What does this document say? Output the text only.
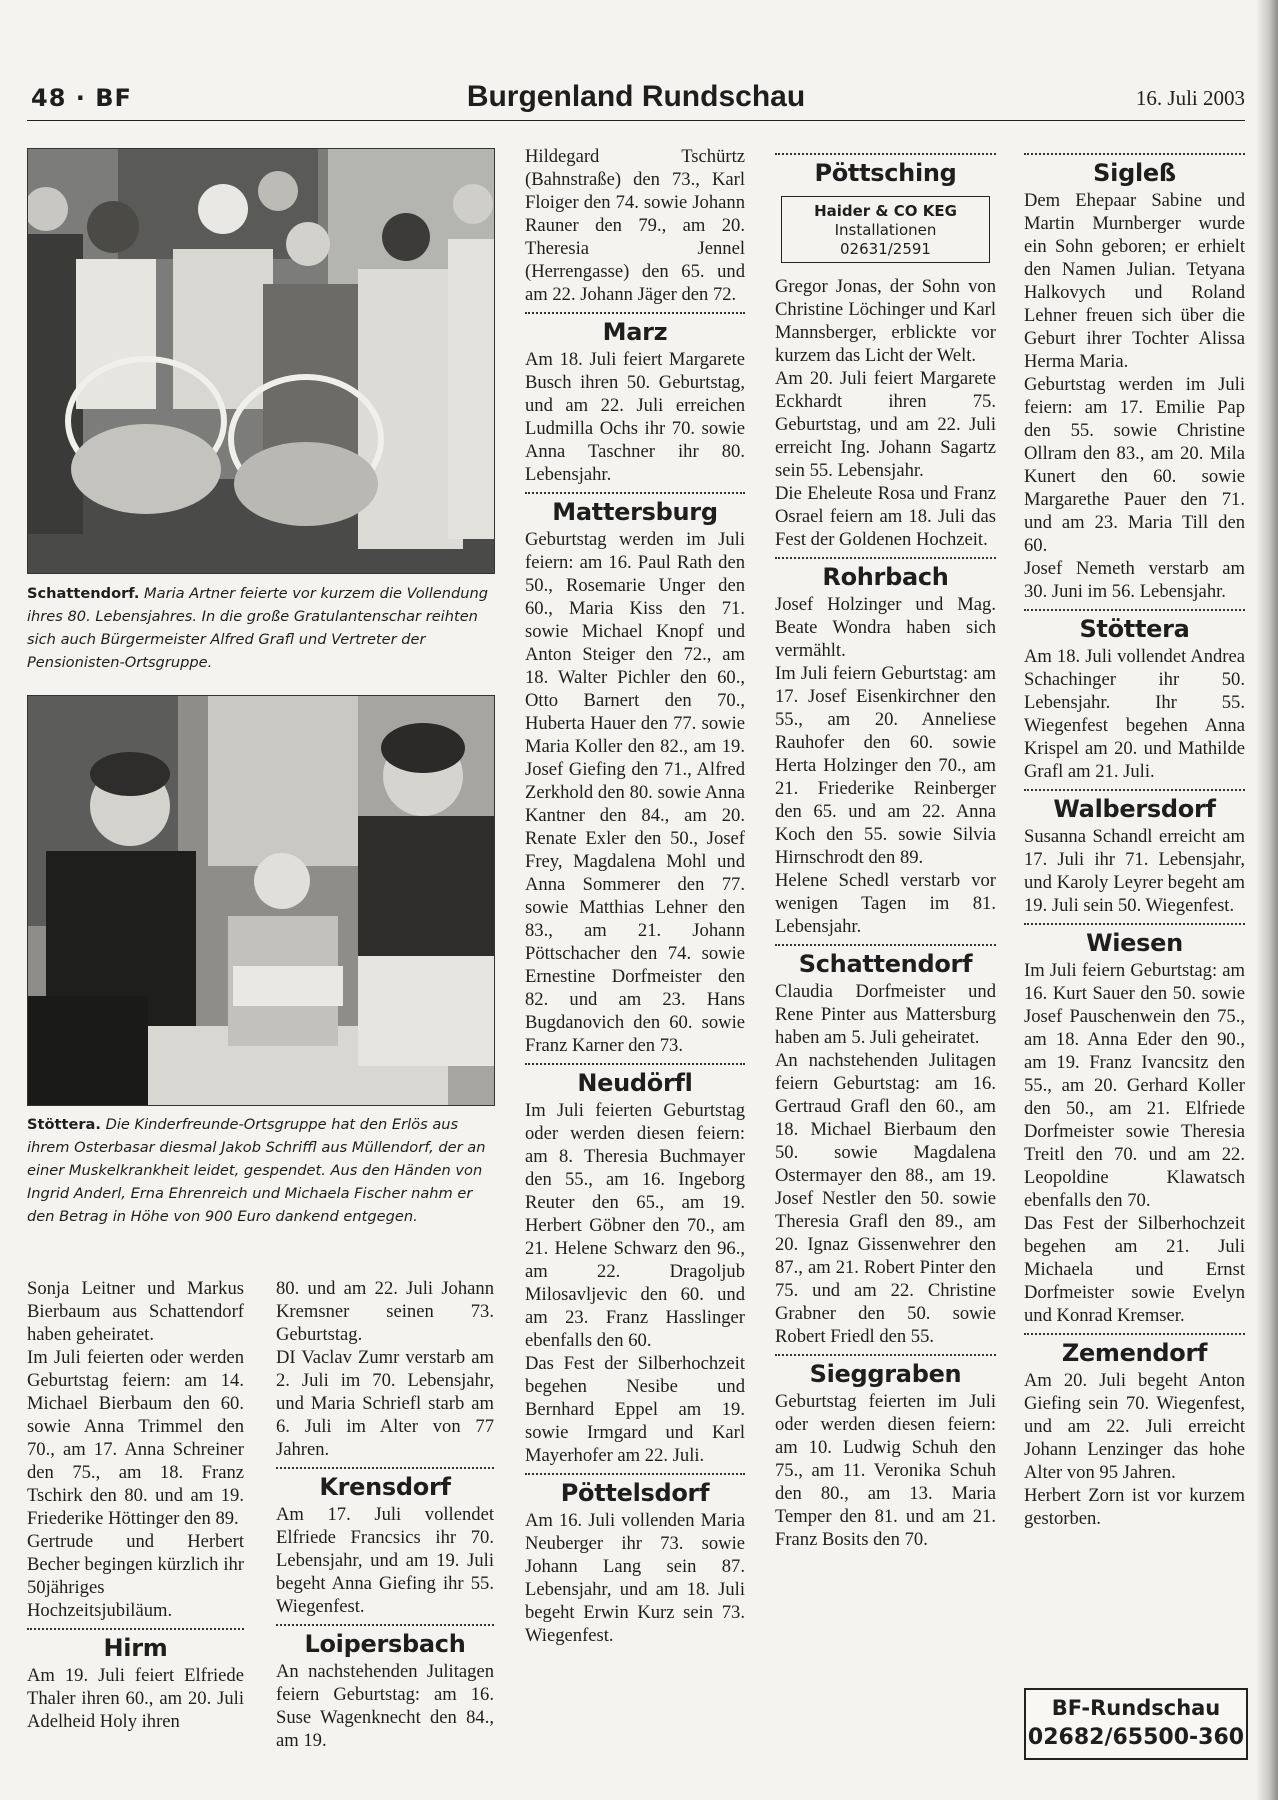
48 · BF	Burgenland Rundschau	16. Juli 2003

Schattendorf. Maria Artner feierte vor kurzem die Vollendung ihres 80. Lebensjahres. In die große Gratulantenschar reihten sich auch Bürgermeister Alfred Grafl und Vertreter der Pensionisten-Ortsgruppe.

Stöttera. Die Kinderfreunde-Ortsgruppe hat den Erlös aus ihrem Osterbasar diesmal Jakob Schriffl aus Müllendorf, der an einer Muskelkrankheit leidet, gespendet. Aus den Händen von Ingrid Anderl, Erna Ehrenreich und Michaela Fischer nahm er den Betrag in Höhe von 900 Euro dankend entgegen.

Sonja Leitner und Markus Bierbaum aus Schattendorf haben geheiratet.

Im Juli feierten oder werden Geburtstag feiern: am 14. Michael Bierbaum den 60. sowie Anna Trimmel den 70., am 17. Anna Schreiner den 75., am 18. Franz Tschirk den 80. und am 19. Friederike Höttinger den 89.

Gertrude und Herbert Becher begingen kürzlich ihr 50jähriges Hochzeitsjubiläum.

Hirm

Am 19. Juli feiert Elfriede Thaler ihren 60., am 20. Juli Adelheid Holy ihren

80. und am 22. Juli Johann Kremsner seinen 73. Geburtstag.

DI Vaclav Zumr verstarb am 2. Juli im 70. Lebensjahr, und Maria Schriefl starb am 6. Juli im Alter von 77 Jahren.

Krensdorf

Am 17. Juli vollendet Elfriede Francsics ihr 70. Lebensjahr, und am 19. Juli begeht Anna Giefing ihr 55. Wiegenfest.

Loipersbach

An nachstehenden Julitagen feiern Geburtstag: am 16. Suse Wagenknecht den 84., am 19.

Hildegard Tschürtz (Bahnstraße) den 73., Karl Floiger den 74. sowie Johann Rauner den 79., am 20. Theresia Jennel (Herrengasse) den 65. und am 22. Johann Jäger den 72.

Marz

Am 18. Juli feiert Margarete Busch ihren 50. Geburtstag, und am 22. Juli erreichen Ludmilla Ochs ihr 70. sowie Anna Taschner ihr 80. Lebensjahr.

Mattersburg

Geburtstag werden im Juli feiern: am 16. Paul Rath den 50., Rosemarie Unger den 60., Maria Kiss den 71. sowie Michael Knopf und Anton Steiger den 72., am 18. Walter Pichler den 60., Otto Barnert den 70., Huberta Hauer den 77. sowie Maria Koller den 82., am 19. Josef Giefing den 71., Alfred Zerkhold den 80. sowie Anna Kantner den 84., am 20. Renate Exler den 50., Josef Frey, Magdalena Mohl und Anna Sommerer den 77. sowie Matthias Lehner den 83., am 21. Johann Pöttschacher den 74. sowie Ernestine Dorfmeister den 82. und am 23. Hans Bugdanovich den 60. sowie Franz Karner den 73.

Neudörfl

Im Juli feierten Geburtstag oder werden diesen feiern: am 8. Theresia Buchmayer den 55., am 16. Ingeborg Reuter den 65., am 19. Herbert Göbner den 70., am 21. Helene Schwarz den 96., am 22. Dragoljub Milosavljevic den 60. und am 23. Franz Hasslinger ebenfalls den 60.

Das Fest der Silberhochzeit begehen Nesibe und Bernhard Eppel am 19. sowie Irmgard und Karl Mayerhofer am 22. Juli.

Pöttelsdorf

Am 16. Juli vollenden Maria Neuberger ihr 73. sowie Johann Lang sein 87. Lebensjahr, und am 18. Juli begeht Erwin Kurz sein 73. Wiegenfest.

Pöttsching
Haider & CO KEG
Installationen
02631/2591

Gregor Jonas, der Sohn von Christine Löchinger und Karl Mannsberger, erblickte vor kurzem das Licht der Welt.

Am 20. Juli feiert Margarete Eckhardt ihren 75. Geburtstag, und am 22. Juli erreicht Ing. Johann Sagartz sein 55. Lebensjahr.

Die Eheleute Rosa und Franz Osrael feiern am 18. Juli das Fest der Goldenen Hochzeit.

Rohrbach

Josef Holzinger und Mag. Beate Wondra haben sich vermählt.

Im Juli feiern Geburtstag: am 17. Josef Eisenkirchner den 55., am 20. Anneliese Rauhofer den 60. sowie Herta Holzinger den 70., am 21. Friederike Reinberger den 65. und am 22. Anna Koch den 55. sowie Silvia Hirnschrodt den 89.

Helene Schedl verstarb vor wenigen Tagen im 81. Lebensjahr.

Schattendorf

Claudia Dorfmeister und Rene Pinter aus Mattersburg haben am 5. Juli geheiratet.

An nachstehenden Julitagen feiern Geburtstag: am 16. Gertraud Grafl den 60., am 18. Michael Bierbaum den 50. sowie Magdalena Ostermayer den 88., am 19. Josef Nestler den 50. sowie Theresia Grafl den 89., am 20. Ignaz Gissenwehrer den 87., am 21. Robert Pinter den 75. und am 22. Christine Grabner den 50. sowie Robert Friedl den 55.

Sieggraben

Geburtstag feierten im Juli oder werden diesen feiern: am 10. Ludwig Schuh den 75., am 11. Veronika Schuh den 80., am 13. Maria Temper den 81. und am 21. Franz Bosits den 70.

Sigleß

Dem Ehepaar Sabine und Martin Murnberger wurde ein Sohn geboren; er erhielt den Namen Julian. Tetyana Halkovych und Roland Lehner freuen sich über die Geburt ihrer Tochter Alissa Herma Maria.

Geburtstag werden im Juli feiern: am 17. Emilie Pap den 55. sowie Christine Ollram den 83., am 20. Mila Kunert den 60. sowie Margarethe Pauer den 71. und am 23. Maria Till den 60.

Josef Nemeth verstarb am 30. Juni im 56. Lebensjahr.

Stöttera

Am 18. Juli vollendet Andrea Schachinger ihr 50. Lebensjahr. Ihr 55. Wiegenfest begehen Anna Krispel am 20. und Mathilde Grafl am 21. Juli.

Walbersdorf

Susanna Schandl erreicht am 17. Juli ihr 71. Lebensjahr, und Karoly Leyrer begeht am 19. Juli sein 50. Wiegenfest.

Wiesen

Im Juli feiern Geburtstag: am 16. Kurt Sauer den 50. sowie Josef Pauschenwein den 75., am 18. Anna Eder den 90., am 19. Franz Ivancsitz den 55., am 20. Gerhard Koller den 50., am 21. Elfriede Dorfmeister sowie Theresia Treitl den 70. und am 22. Leopoldine Klawatsch ebenfalls den 70.

Das Fest der Silberhochzeit begehen am 21. Juli Michaela und Ernst Dorfmeister sowie Evelyn und Konrad Kremser.

Zemendorf

Am 20. Juli begeht Anton Giefing sein 70. Wiegenfest, und am 22. Juli erreicht Johann Lenzinger das hohe Alter von 95 Jahren.

Herbert Zorn ist vor kurzem gestorben.

BF-Rundschau
02682/65500-360
